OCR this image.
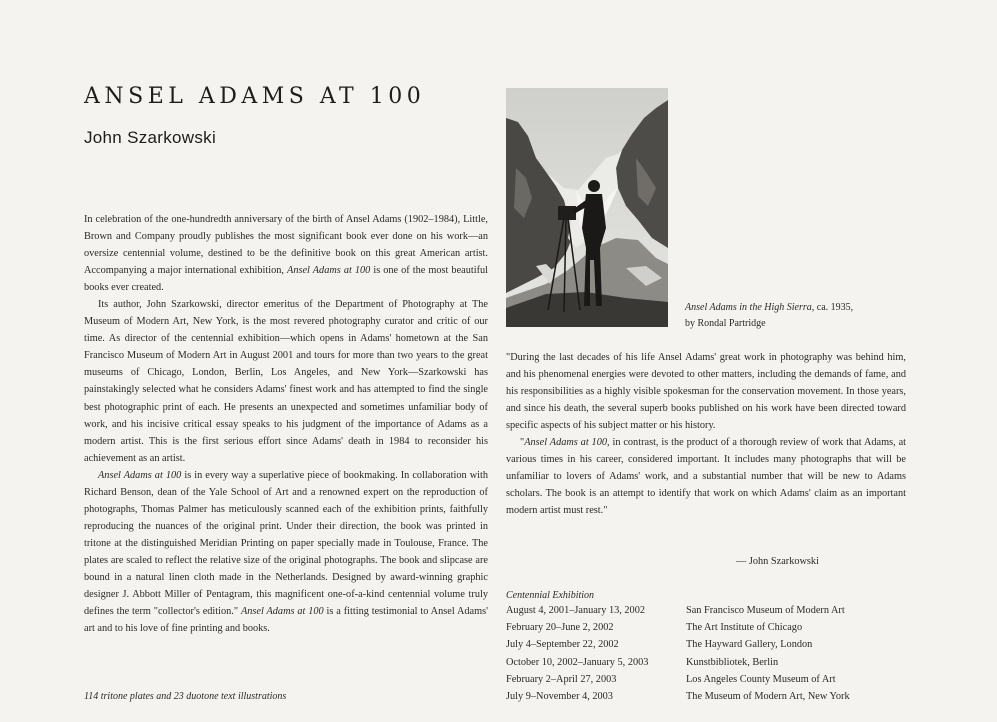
ANSEL ADAMS AT 100
John Szarkowski

In celebration of the one-hundredth anniversary of the birth of Ansel Adams (1902–1984), Little, Brown and Company proudly publishes the most significant book ever done on his work—an oversize centennial volume, destined to be the definitive book on this great American artist. Accompanying a major international exhibition, Ansel Adams at 100 is one of the most beautiful books ever created.

Its author, John Szarkowski, director emeritus of the Department of Photography at The Museum of Modern Art, New York, is the most revered photography curator and critic of our time. As director of the centennial exhibition—which opens in Adams' hometown at the San Francisco Museum of Modern Art in August 2001 and tours for more than two years to the great museums of Chicago, London, Berlin, Los Angeles, and New York—Szarkowski has painstakingly selected what he considers Adams' finest work and has attempted to find the single best photographic print of each. He presents an unexpected and sometimes unfamiliar body of work, and his incisive critical essay speaks to his judgment of the importance of Adams as a modern artist. This is the first serious effort since Adams' death in 1984 to reconsider his achievement as an artist.

Ansel Adams at 100 is in every way a superlative piece of bookmaking. In collaboration with Richard Benson, dean of the Yale School of Art and a renowned expert on the reproduction of photographs, Thomas Palmer has meticulously scanned each of the exhibition prints, faithfully reproducing the nuances of the original print. Under their direction, the book was printed in tritone at the distinguished Meridian Printing on paper specially made in Toulouse, France. The plates are scaled to reflect the relative size of the original photographs. The book and slipcase are bound in a natural linen cloth made in the Netherlands. Designed by award-winning graphic designer J. Abbott Miller of Pentagram, this magnificent one-of-a-kind centennial volume truly defines the term "collector's edition." Ansel Adams at 100 is a fitting testimonial to Ansel Adams' art and to his love of fine printing and books.

114 tritone plates and 23 duotone text illustrations
Ansel Adams in the High Sierra, ca. 1935,
by Rondal Partridge

"During the last decades of his life Ansel Adams' great work in photography was behind him, and his phenomenal energies were devoted to other matters, including the demands of fame, and his responsibilities as a highly visible spokesman for the conservation movement. In those years, and since his death, the several superb books published on his work have been directed toward specific aspects of his subject matter or his history.

"Ansel Adams at 100, in contrast, is the product of a thorough review of work that Adams, at various times in his career, considered important. It includes many photographs that will be unfamiliar to lovers of Adams' work, and a substantial number that will be new to Adams scholars. The book is an attempt to identify that work on which Adams' claim as an important modern artist must rest."

— John Szarkowski
Centennial Exhibition
August 4, 2001–January 13, 2002	San Francisco Museum of Modern Art
February 20–June 2, 2002	The Art Institute of Chicago
July 4–September 22, 2002	The Hayward Gallery, London
October 10, 2002–January 5, 2003	Kunstbibliotek, Berlin
February 2–April 27, 2003	Los Angeles County Museum of Art
July 9–November 4, 2003	The Museum of Modern Art, New York
